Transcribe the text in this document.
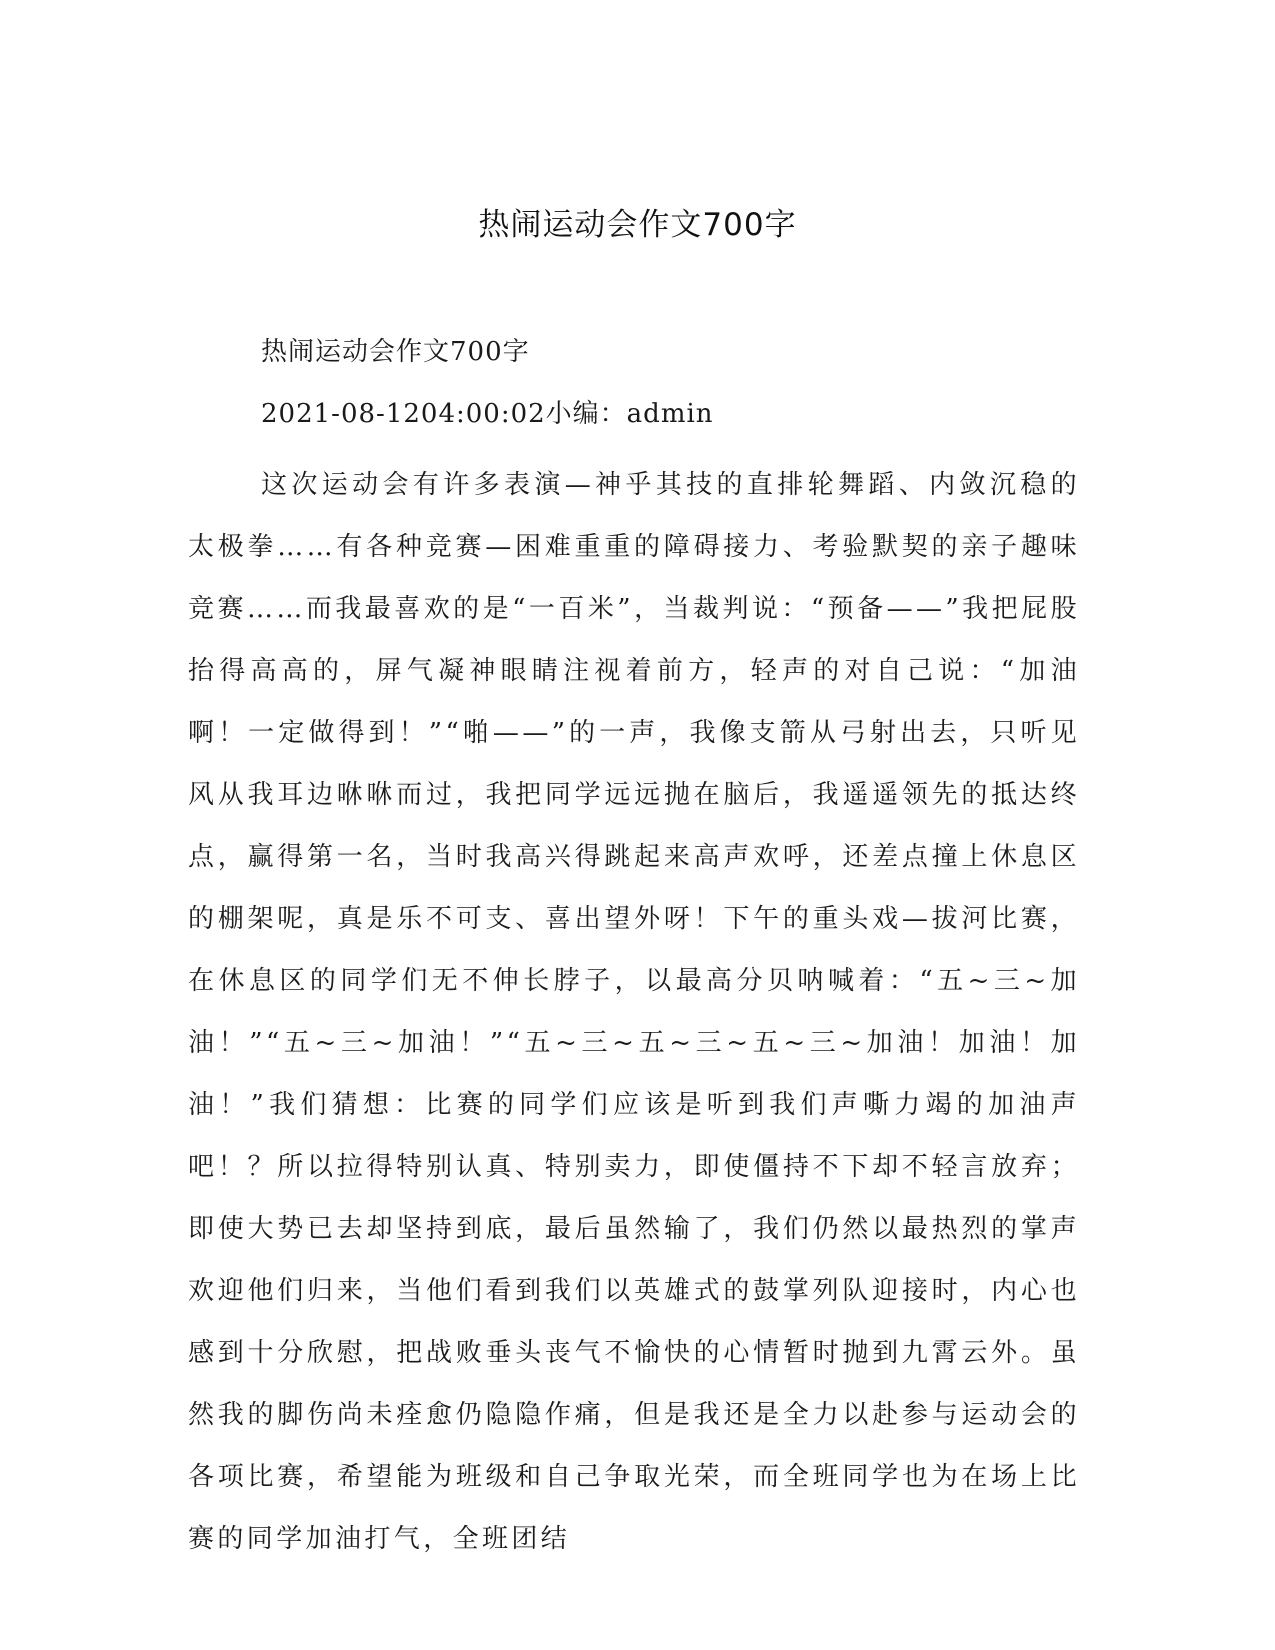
热闹运动会作文700字

热闹运动会作文700字

2021-08-1204:00:02小编：admin

这次运动会有许多表演—神乎其技的直排轮舞蹈、内敛沉稳的太极拳……有各种竞赛—困难重重的障碍接力、考验默契的亲子趣味竞赛……而我最喜欢的是“一百米”，当裁判说：“预备——”我把屁股抬得高高的，屏气凝神眼睛注视着前方，轻声的对自己说：“加油啊！一定做得到！”“啪——”的一声，我像支箭从弓射出去，只听见风从我耳边咻咻而过，我把同学远远抛在脑后，我遥遥领先的抵达终点，赢得第一名，当时我高兴得跳起来高声欢呼，还差点撞上休息区的棚架呢，真是乐不可支、喜出望外呀！下午的重头戏—拔河比赛，在休息区的同学们无不伸长脖子，以最高分贝呐喊着：“五~三~加油！”“五~三~加油！”“五~三~五~三~五~三~加油！加油！加油！”我们猜想：比赛的同学们应该是听到我们声嘶力竭的加油声吧！？所以拉得特别认真、特别卖力，即使僵持不下却不轻言放弃；即使大势已去却坚持到底，最后虽然输了，我们仍然以最热烈的掌声欢迎他们归来，当他们看到我们以英雄式的鼓掌列队迎接时，内心也感到十分欣慰，把战败垂头丧气不愉快的心情暂时抛到九霄云外。虽然我的脚伤尚未痊愈仍隐隐作痛，但是我还是全力以赴参与运动会的各项比赛，希望能为班级和自己争取光荣，而全班同学也为在场上比赛的同学加油打气，全班团结
